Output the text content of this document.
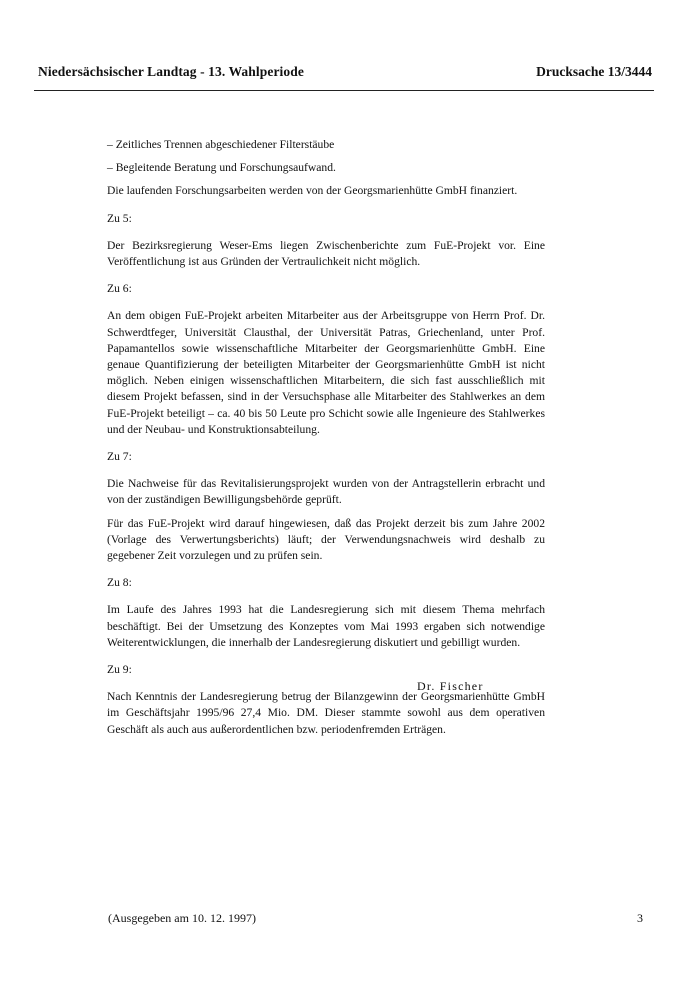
Niedersächsischer Landtag - 13. Wahlperiode	Drucksache 13/3444

– Zeitliches Trennen abgeschiedener Filterstäube

– Begleitende Beratung und Forschungsaufwand.

Die laufenden Forschungsarbeiten werden von der Georgsmarienhütte GmbH finanziert.

Zu 5:

Der Bezirksregierung Weser-Ems liegen Zwischenberichte zum FuE-Projekt vor. Eine Veröffentlichung ist aus Gründen der Vertraulichkeit nicht möglich.

Zu 6:

An dem obigen FuE-Projekt arbeiten Mitarbeiter aus der Arbeitsgruppe von Herrn Prof. Dr. Schwerdtfeger, Universität Clausthal, der Universität Patras, Griechenland, unter Prof. Papamantellos sowie wissenschaftliche Mitarbeiter der Georgsmarienhütte GmbH. Eine genaue Quantifizierung der beteiligten Mitarbeiter der Georgsmarienhütte GmbH ist nicht möglich. Neben einigen wissenschaftlichen Mitarbeitern, die sich fast ausschließlich mit diesem Projekt befassen, sind in der Versuchsphase alle Mitarbeiter des Stahlwerkes an dem FuE-Projekt beteiligt – ca. 40 bis 50 Leute pro Schicht sowie alle Ingenieure des Stahlwerkes und der Neubau- und Konstruktionsabteilung.

Zu 7:

Die Nachweise für das Revitalisierungsprojekt wurden von der Antragstellerin erbracht und von der zuständigen Bewilligungsbehörde geprüft.

Für das FuE-Projekt wird darauf hingewiesen, daß das Projekt derzeit bis zum Jahre 2002 (Vorlage des Verwertungsberichts) läuft; der Verwendungsnachweis wird deshalb zu gegebener Zeit vorzulegen und zu prüfen sein.

Zu 8:

Im Laufe des Jahres 1993 hat die Landesregierung sich mit diesem Thema mehrfach beschäftigt. Bei der Umsetzung des Konzeptes vom Mai 1993 ergaben sich notwendige Weiterentwicklungen, die innerhalb der Landesregierung diskutiert und gebilligt wurden.

Zu 9:

Nach Kenntnis der Landesregierung betrug der Bilanzgewinn der Georgsmarienhütte GmbH im Geschäftsjahr 1995/96 27,4 Mio. DM. Dieser stammte sowohl aus dem operativen Geschäft als auch aus außerordentlichen bzw. periodenfremden Erträgen.

Dr. Fischer
(Ausgegeben am 10. 12. 1997)	3
